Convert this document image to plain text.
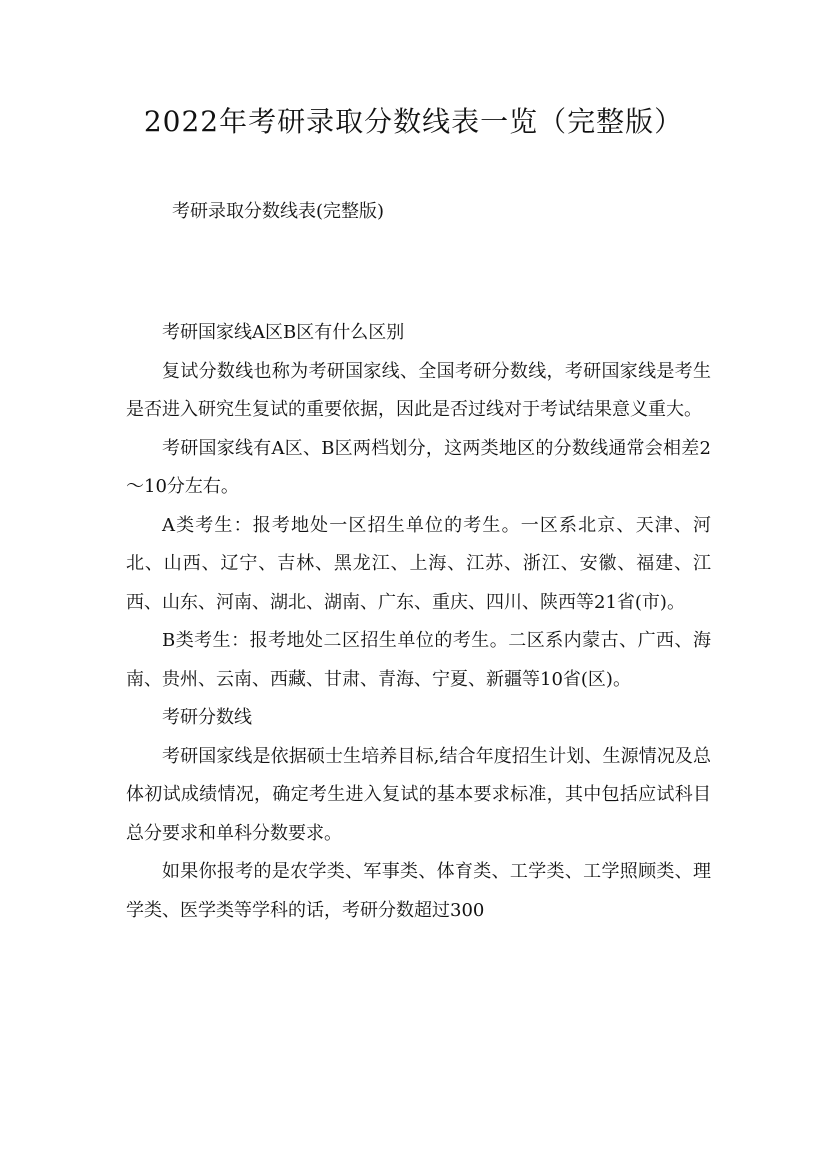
2022年考研录取分数线表一览（完整版）
考研录取分数线表(完整版)

考研国家线A区B区有什么区别

复试分数线也称为考研国家线、全国考研分数线，考研国家线是考生是否进入研究生复试的重要依据，因此是否过线对于考试结果意义重大。

考研国家线有A区、B区两档划分，这两类地区的分数线通常会相差2～10分左右。

A类考生：报考地处一区招生单位的考生。一区系北京、天津、河北、山西、辽宁、吉林、黑龙江、上海、江苏、浙江、安徽、福建、江西、山东、河南、湖北、湖南、广东、重庆、四川、陕西等21省(市)。

B类考生：报考地处二区招生单位的考生。二区系内蒙古、广西、海南、贵州、云南、西藏、甘肃、青海、宁夏、新疆等10省(区)。

考研分数线

考研国家线是依据硕士生培养目标,结合年度招生计划、生源情况及总体初试成绩情况，确定考生进入复试的基本要求标准，其中包括应试科目总分要求和单科分数要求。

如果你报考的是农学类、军事类、体育类、工学类、工学照顾类、理学类、医学类等学科的话，考研分数超过300
